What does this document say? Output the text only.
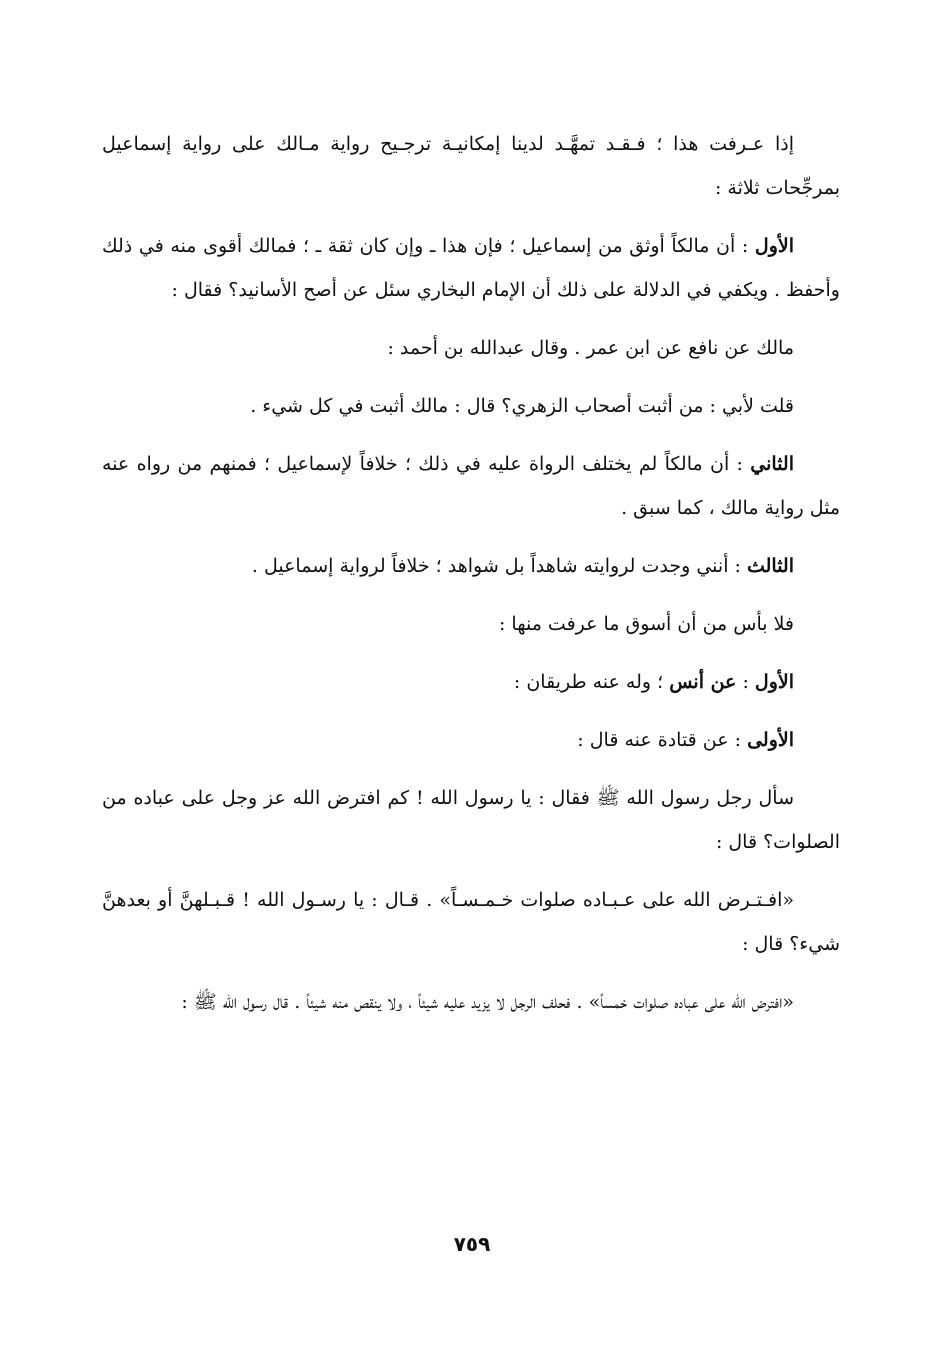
إذا عـرفت هذا ؛ فـقـد تمهَّـد لدينا إمكانيـة ترجـيح رواية مـالك على رواية إسماعيل بمرجِّحات ثلاثة :

الأول : أن مالكاً أوثق من إسماعيل ؛ فإن هذا ـ وإن كان ثقة ـ ؛ فمالك أقوى منه في ذلك وأحفظ . ويكفي في الدلالة على ذلك أن الإمام البخاري سئل عن أصح الأسانيد؟ فقال :

مالك عن نافع عن ابن عمر . وقال عبدالله بن أحمد :

قلت لأبي : من أثبت أصحاب الزهري؟ قال : مالك أثبت في كل شيء .

الثاني : أن مالكاً لم يختلف الرواة عليه في ذلك ؛ خلافاً لإسماعيل ؛ فمنهم من رواه عنه مثل رواية مالك ، كما سبق .

الثالث : أنني وجدت لروايته شاهداً بل شواهد ؛ خلافاً لرواية إسماعيل .

فلا بأس من أن أسوق ما عرفت منها :

الأول : عن أنس ؛ وله عنه طريقان :

الأولى : عن قتادة عنه قال :

سأل رجل رسول الله ﷺ فقال : يا رسول الله ! كم افترض الله عز وجل على عباده من الصلوات؟ قال :

«افـتـرض الله على عـبـاده صلوات خـمـسـاً» . قـال : يا رسـول الله ! قـبـلهنَّ أو بعدهنَّ شيء؟ قال :

«افترض الله على عباده صلوات خمساً» . فحلف الرجل لا يزيد عليه شيئاً ، ولا ينقص منه شيئاً . قال رسول الله ﷺ :

٧٥٩
